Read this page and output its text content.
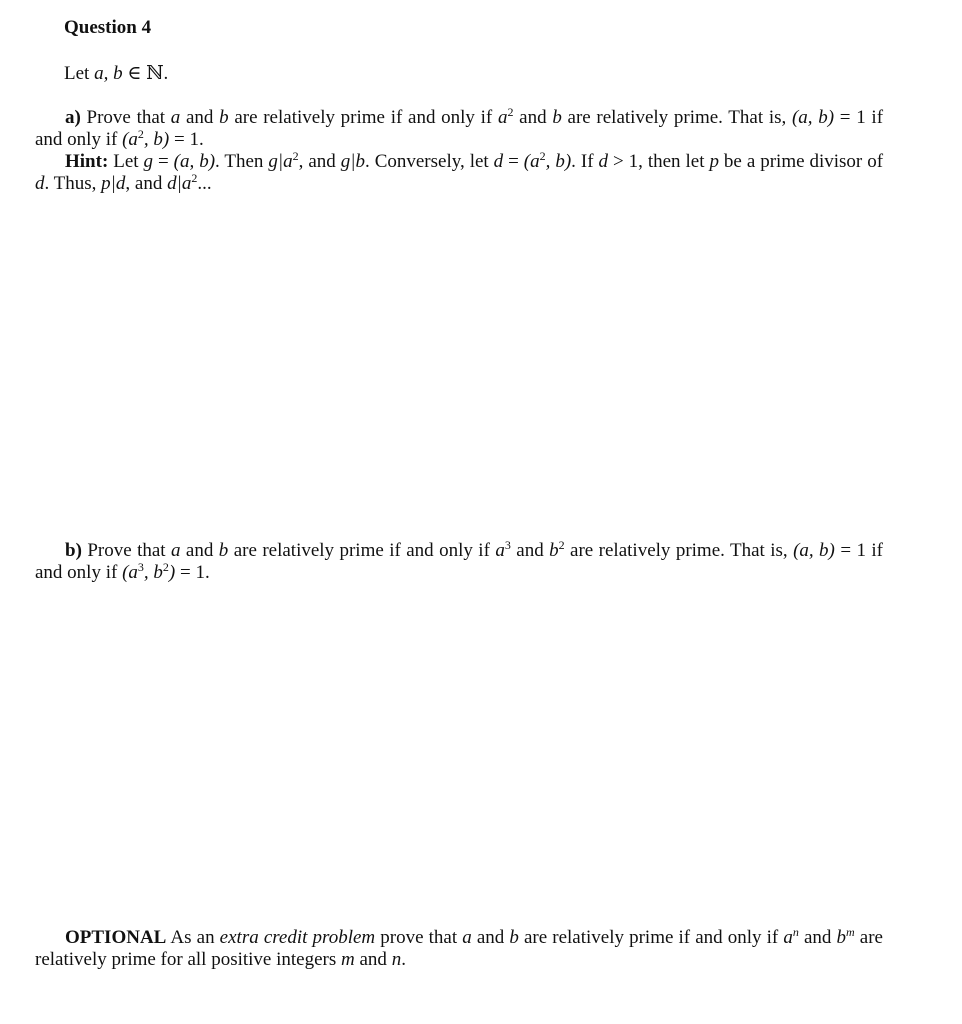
Question 4
Let a, b ∈ ℕ.

a) Prove that a and b are relatively prime if and only if $a^2$ and b are relatively prime. That is, (a, b) = 1 if and only if ($a^2$, b) = 1.

Hint: Let g = (a, b). Then $g|a^2$, and g|b. Conversely, let $d = (a^2$, b). If d > 1, then let p be a prime divisor of d. Thus, p|d, and $d|a^2$...

b) Prove that a and b are relatively prime if and only if $a^3$ and $b^2$ are relatively prime. That is, (a, b) = 1 if and only if ($a^3$, $b^2) = 1$.

OPTIONAL As an extra credit problem prove that a and b are relatively prime if and only if $a^n$ and $b^m$ are relatively prime for all positive integers m and n.
